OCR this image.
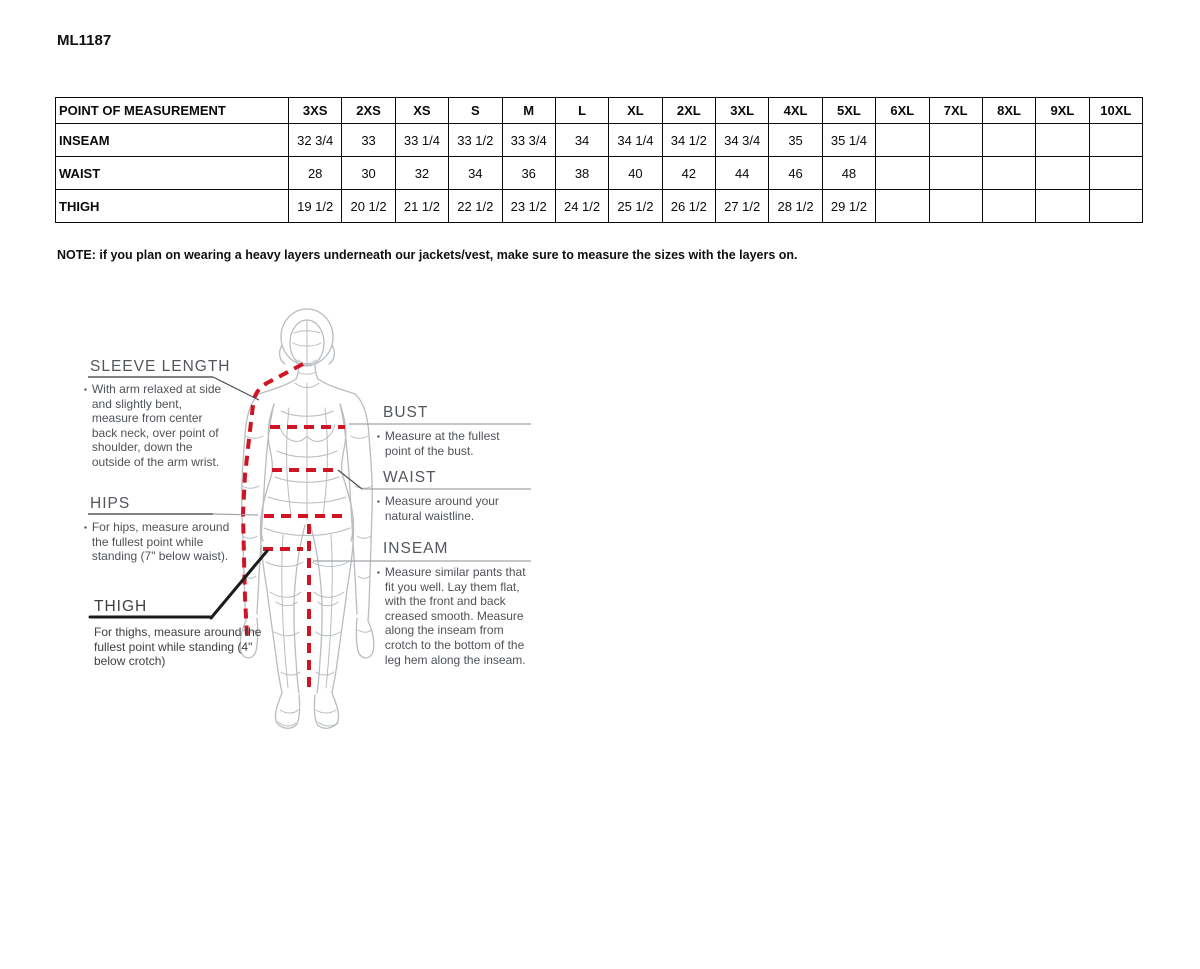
ML1187
POINT OF MEASUREMENT	3XS	2XS	XS	S	M	L	XL	2XL	3XL	4XL	5XL	6XL	7XL	8XL	9XL	10XL
INSEAM	32 3/4	33	33 1/4	33 1/2	33 3/4	34	34 1/4	34 1/2	34 3/4	35	35 1/4					
WAIST	28	30	32	34	36	38	40	42	44	46	48					
THIGH	19 1/2	20 1/2	21 1/2	22 1/2	23 1/2	24 1/2	25 1/2	26 1/2	27 1/2	28 1/2	29 1/2					
NOTE: if you plan on wearing a heavy layers underneath our jackets/vest, make sure to measure the sizes with the layers on.
SLEEVE LENGTH
▪ With arm relaxed at side and slightly bent, measure from center back neck, over point of shoulder, down the outside of the arm wrist.
HIPS
▪ For hips, measure around the fullest point while standing (7" below waist).
THIGH
For thighs, measure around the fullest point while standing (4" below crotch)
BUST
▪ Measure at the fullest point of the bust.
WAIST
▪ Measure around your natural waistline.
INSEAM
▪ Measure similar pants that fit you well. Lay them flat, with the front and back creased smooth. Measure along the inseam from crotch to the bottom of the leg hem along the inseam.
